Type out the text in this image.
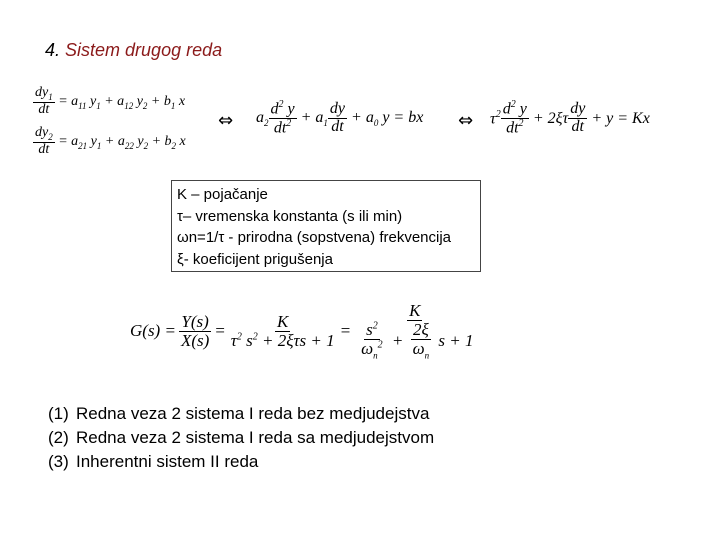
4. Sistem drugog reda
$\frac{dy_1}{dt} = a_{11}$ $y_1 + a_{12}$ $y_2 + b_1$ x
$\frac{dy_2}{dt} = a_{21}$ $y_1 + a_{22}$ $y_2 + b_2$ x
⇔ $a_2 \frac{d^2 y}{dt^2} + a_1 \frac{dy}{dt} + a_0$ y = bx ⇔ $\tau^2 \frac{d^2 y}{dt^2} + 2\xi\tau \frac{dy}{dt} + y = Kx$
K – pojačanje
τ– vremenska konstanta (s ili min)
ωn=1/τ - prirodna (sopstvena) frekvencija
ξ- koeficijent prigušenja
$G(s) = \frac{Y(s)}{X(s)} = \frac{K}{\tau^2 s^2 + 2\xi\tau s + 1} = \frac{K}{\frac{s^2}{\omega_n^2} + \frac{2\xi}{\omega_n} s + 1}$
(1) Redna veza 2 sistema I reda bez medjudejstva
(2) Redna veza 2 sistema I reda sa medjudejstvom
(3) Inherentni sistem II reda
